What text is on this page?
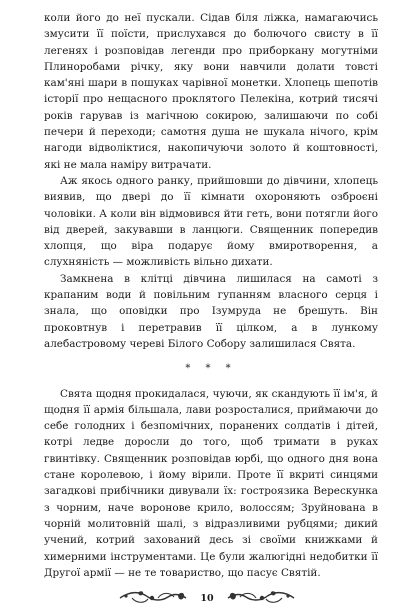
коли його до неї пускали. Сідав біля ліжка, намагаючись змусити її поїсти, прислухався до болючого свисту в її легенях і розповідав легенди про приборкану могутніми Плиноробами річку, яку вони навчили долати товсті кам'яні шари в пошуках чарівної монетки. Хлопець шепотів історії про нещасного проклятого Пелекіна, котрий тисячі років гарував із магічною сокирою, залишаючи по собі печери й переходи; самотня душа не шукала нічого, крім нагоди відволіктися, накопичуючи золото й коштовності, які не мала наміру витрачати.

Аж якось одного ранку, прийшовши до дівчини, хлопець виявив, що двері до її кімнати охороняють озброєні чоловіки. А коли він відмовився йти геть, вони потягли його від дверей, закувавши в ланцюги. Священник попередив хлопця, що віра подарує йому вмиротворення, а слухняність — можливість вільно дихати.

Замкнена в клітці дівчина лишилася на самоті з крапаним води й повільним гупанням власного серця і знала, що оповідки про Ізумруда не брешуть. Він проковтнув і перетравив її цілком, а в лункому алебастровому череві Білого Собору залишилася Свята.

* * *

Свята щодня прокидалася, чуючи, як скандують її ім'я, й щодня її армія більшала, лави розросталися, приймаючи до себе голодних і безпомічних, поранених солдатів і дітей, котрі ледве доросли до того, щоб тримати в руках гвинтівку. Священник розповідав юрбі, що одного дня вона стане королевою, і йому вірили. Проте її вкриті синцями загадкові прибічники дивували їх: гостроязика Верескунка з чорним, наче воронове крило, волоссям; Зруйнована в чорній молитовній шалі, з відразливими рубцями; дикий учений, котрий захований десь зі своїми книжками й химерними інструментами. Це були жалюгідні недобитки її Другої армії — не те товариство, що пасує Святій.

10
